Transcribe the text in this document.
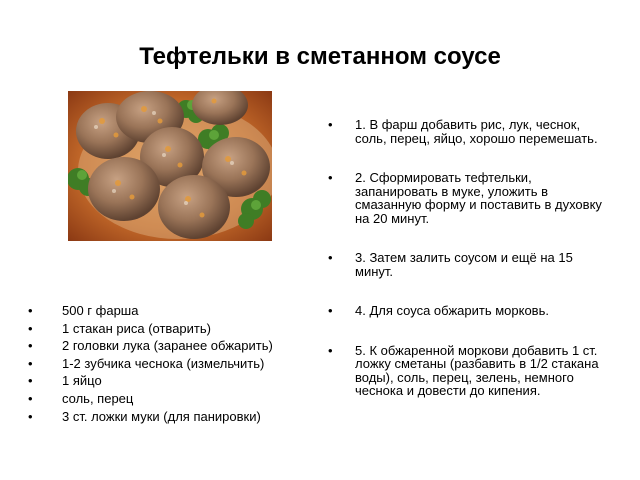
Тефтельки в сметанном соусе
• 500 г фарша
• 1 стакан риса (отварить)
• 2 головки лука (заранее обжарить)
• 1-2 зубчика чеснока (измельчить)
• 1 яйцо
• соль, перец
• 3 ст. ложки муки (для панировки)
• 1. В фарш добавить рис, лук, чеснок, соль, перец, яйцо, хорошо перемешать.
• 2. Сформировать тефтельки, запанировать в муке, уложить в смазанную форму и поставить в духовку на 20 минут.
• 3. Затем залить соусом и ещё на 15 минут.
• 4. Для соуса обжарить морковь.
• 5. К обжаренной моркови добавить 1 ст. ложку сметаны (разбавить в 1/2 стакана воды), соль, перец, зелень, немного чеснока и довести до кипения.
